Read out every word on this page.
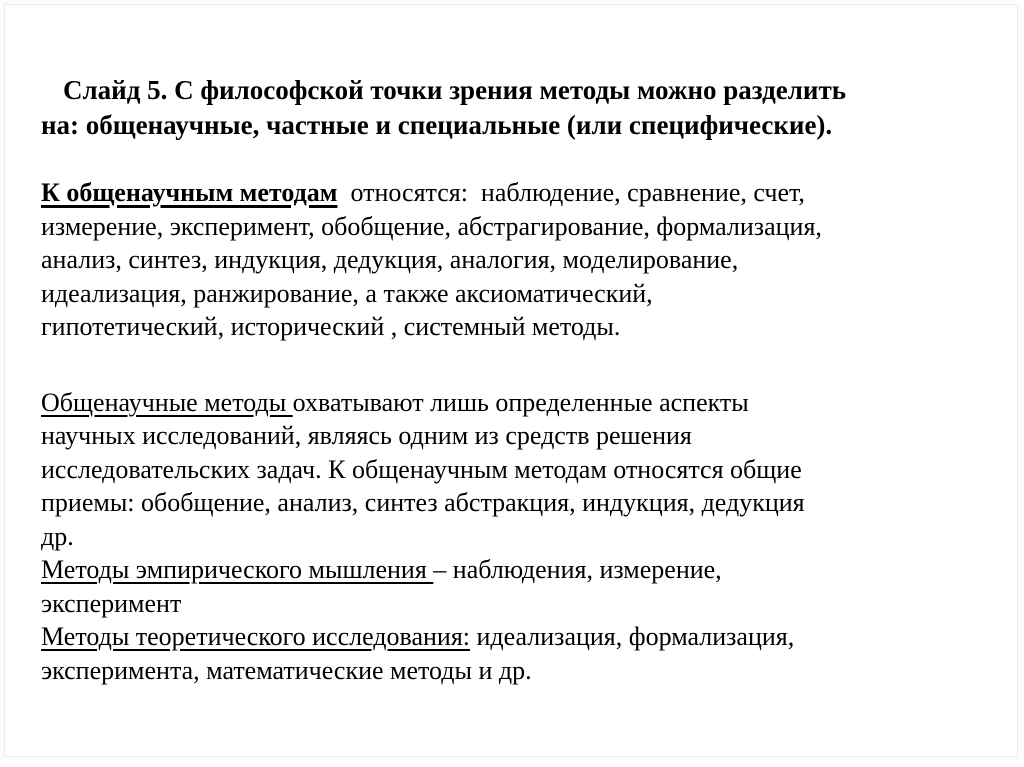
Слайд 5. С философской точки зрения методы можно разделить
на: общенаучные, частные и специальные (или специфические).
К общенаучным методам  относятся:  наблюдение, сравнение, счет,
измерение, эксперимент, обобщение, абстрагирование, формализация,
анализ, синтез, индукция, дедукция, аналогия, моделирование,
идеализация, ранжирование, а также аксиоматический,
гипотетический, исторический , системный методы.
Общенаучные методы охватывают лишь определенные аспекты
научных исследований, являясь одним из средств решения
исследовательских задач. К общенаучным методам относятся общие
приемы: обобщение, анализ, синтез абстракция, индукция, дедукция
др.
Методы эмпирического мышления – наблюдения, измерение,
эксперимент
Методы теоретического исследования: идеализация, формализация,
эксперимента, математические методы и др.
